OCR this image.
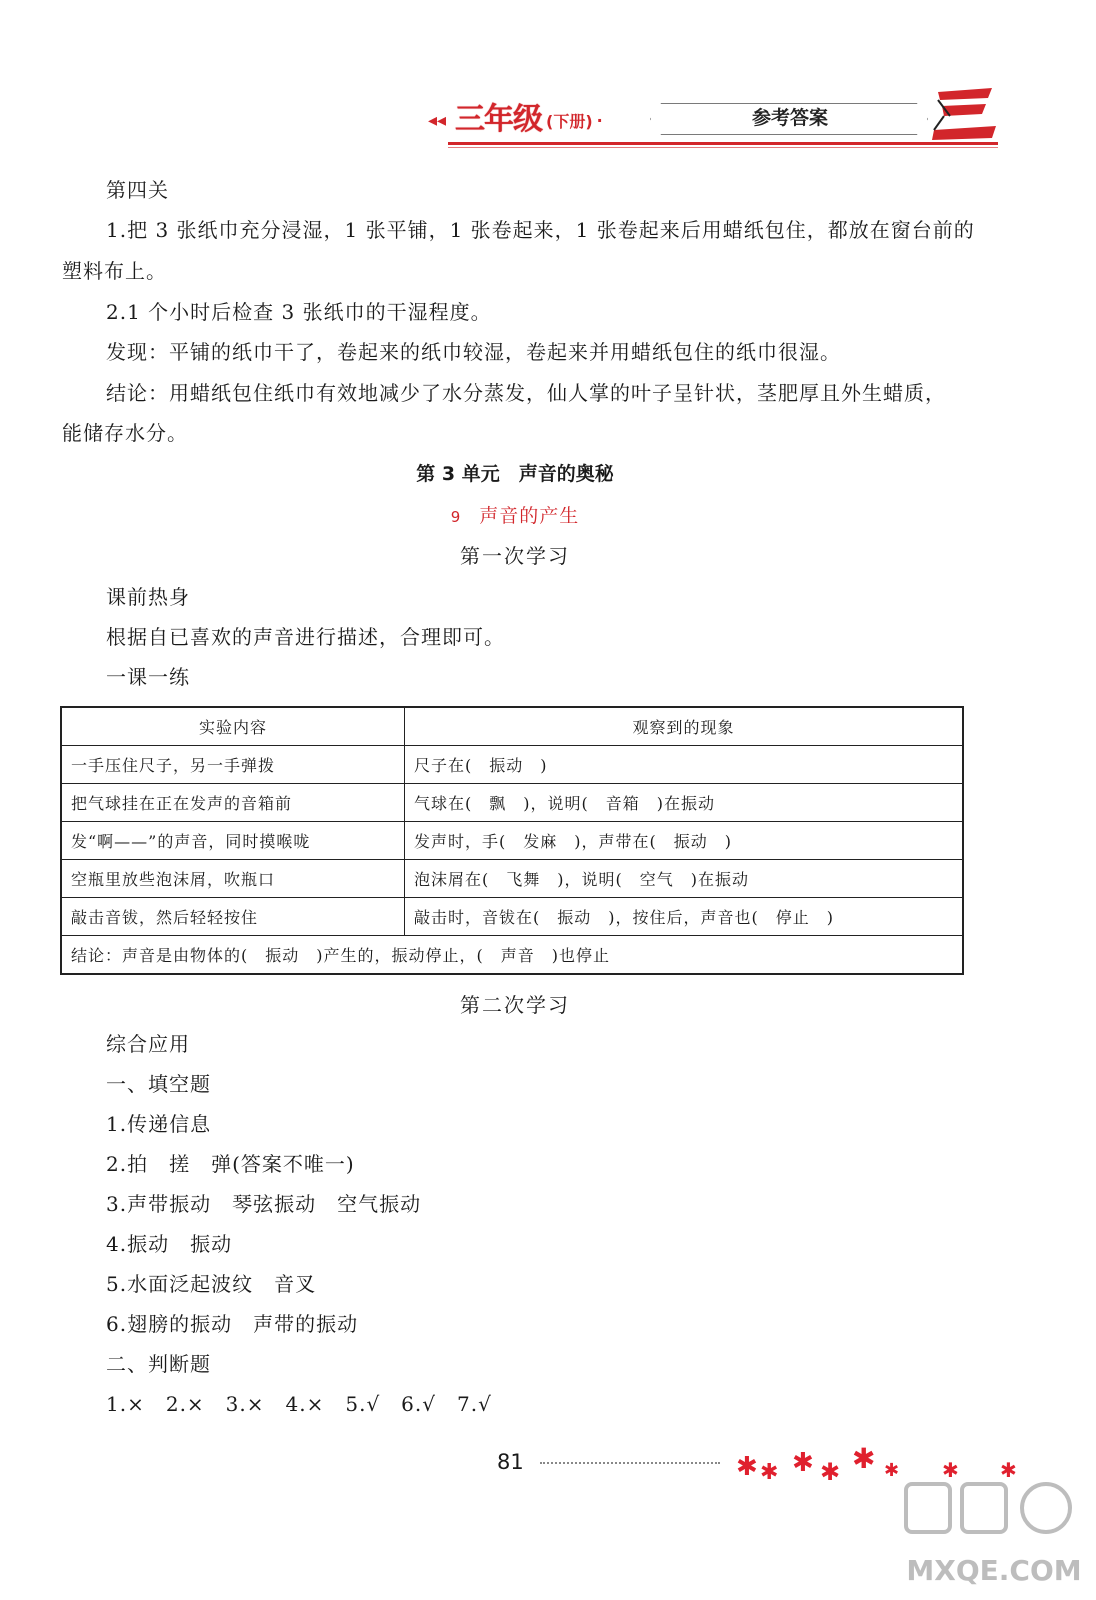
◂◂ 三年级 (下册) ·	参考答案
第四关
1.把 3 张纸巾充分浸湿，1 张平铺，1 张卷起来，1 张卷起来后用蜡纸包住，都放在窗台前的
塑料布上。
2.1 个小时后检查 3 张纸巾的干湿程度。
发现：平铺的纸巾干了，卷起来的纸巾较湿，卷起来并用蜡纸包住的纸巾很湿。
结论：用蜡纸包住纸巾有效地减少了水分蒸发，仙人掌的叶子呈针状，茎肥厚且外生蜡质，
能储存水分。
第 3 单元　声音的奥秘
9 声音的产生
第一次学习
课前热身
根据自已喜欢的声音进行描述，合理即可。
一课一练
实验内容	观察到的现象
一手压住尺子，另一手弹拨	尺子在(　振动　)
把气球挂在正在发声的音箱前	气球在(　飘　)，说明(　音箱　)在振动
发“啊——”的声音，同时摸喉咙	发声时，手(　发麻　)，声带在(　振动　)
空瓶里放些泡沫屑，吹瓶口	泡沫屑在(　飞舞　)，说明(　空气　)在振动
敲击音钹，然后轻轻按住	敲击时，音钹在(　振动　)，按住后，声音也(　停止　)
结论：声音是由物体的(　振动　)产生的，振动停止，(　声音　)也停止	
第二次学习
综合应用
一、填空题
1.传递信息
2.拍　搓　弹(答案不唯一)
3.声带振动　琴弦振动　空气振动
4.振动　振动
5.水面泛起波纹　音叉
6.翅膀的振动　声带的振动
二、判断题
1.×　2.×　3.×　4.×　5.√　6.√　7.√
81	✱ ✱ ✱ ✱ ✱ ✱ ✱ ✱
MXQE.COM
